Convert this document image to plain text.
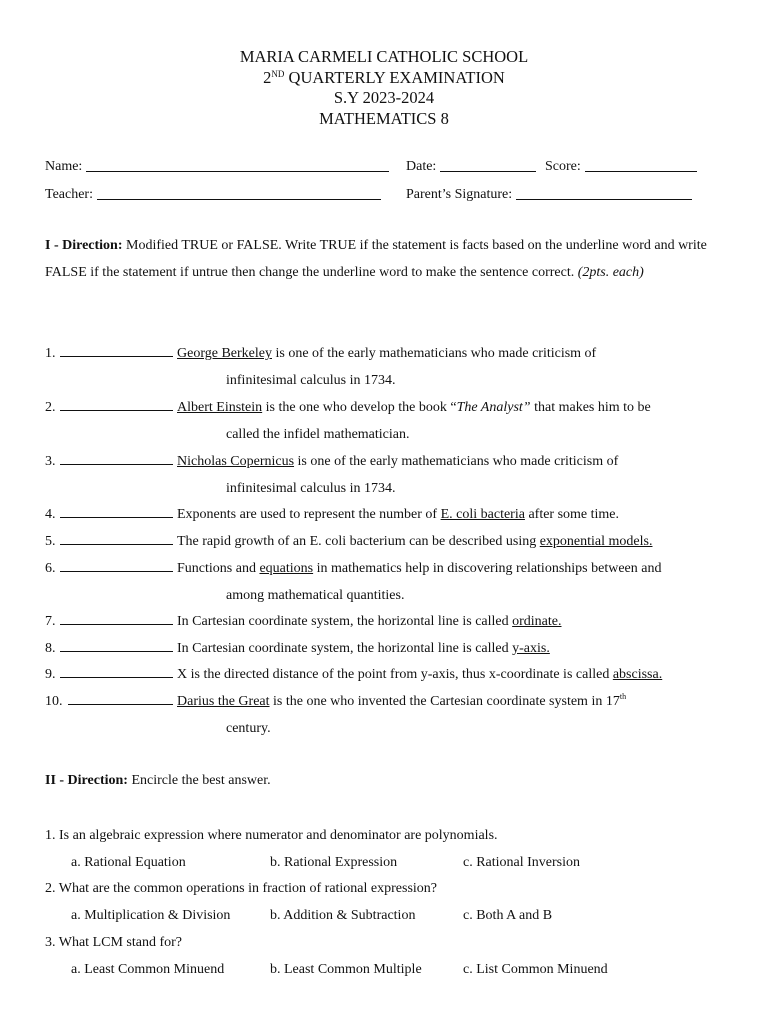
MARIA CARMELI CATHOLIC SCHOOL
2ND QUARTERLY EXAMINATION
S.Y 2023-2024
MATHEMATICS 8
Name:	Date:	Score:
Teacher:	Parent’s Signature:
I - Direction: Modified TRUE or FALSE. Write TRUE if the statement is facts based on the underline word and write FALSE if the statement if untrue then change the underline word to make the sentence correct. (2pts. each)
1.	George Berkeley is one of the early mathematicians who made criticism of
infinitesimal calculus in 1734.
2.	Albert Einstein is the one who develop the book “The Analyst” that makes him to be
called the infidel mathematician.
3.	Nicholas Copernicus is one of the early mathematicians who made criticism of
infinitesimal calculus in 1734.
4.	Exponents are used to represent the number of E. coli bacteria after some time.
5.	The rapid growth of an E. coli bacterium can be described using exponential models.
6.	Functions and equations in mathematics help in discovering relationships between and
among mathematical quantities.
7.	In Cartesian coordinate system, the horizontal line is called ordinate.
8.	In Cartesian coordinate system, the horizontal line is called y-axis.
9.	X is the directed distance of the point from y-axis, thus x-coordinate is called abscissa.
10.	Darius the Great is the one who invented the Cartesian coordinate system in 17th
century.
II - Direction: Encircle the best answer.
1. Is an algebraic expression where numerator and denominator are polynomials.
a. Rational Equation	b. Rational Expression	c. Rational Inversion
2. What are the common operations in fraction of rational expression?
a. Multiplication & Division	b. Addition & Subtraction	c. Both A and B
3. What LCM stand for?
a. Least Common Minuend	b. Least Common Multiple	c. List Common Minuend
